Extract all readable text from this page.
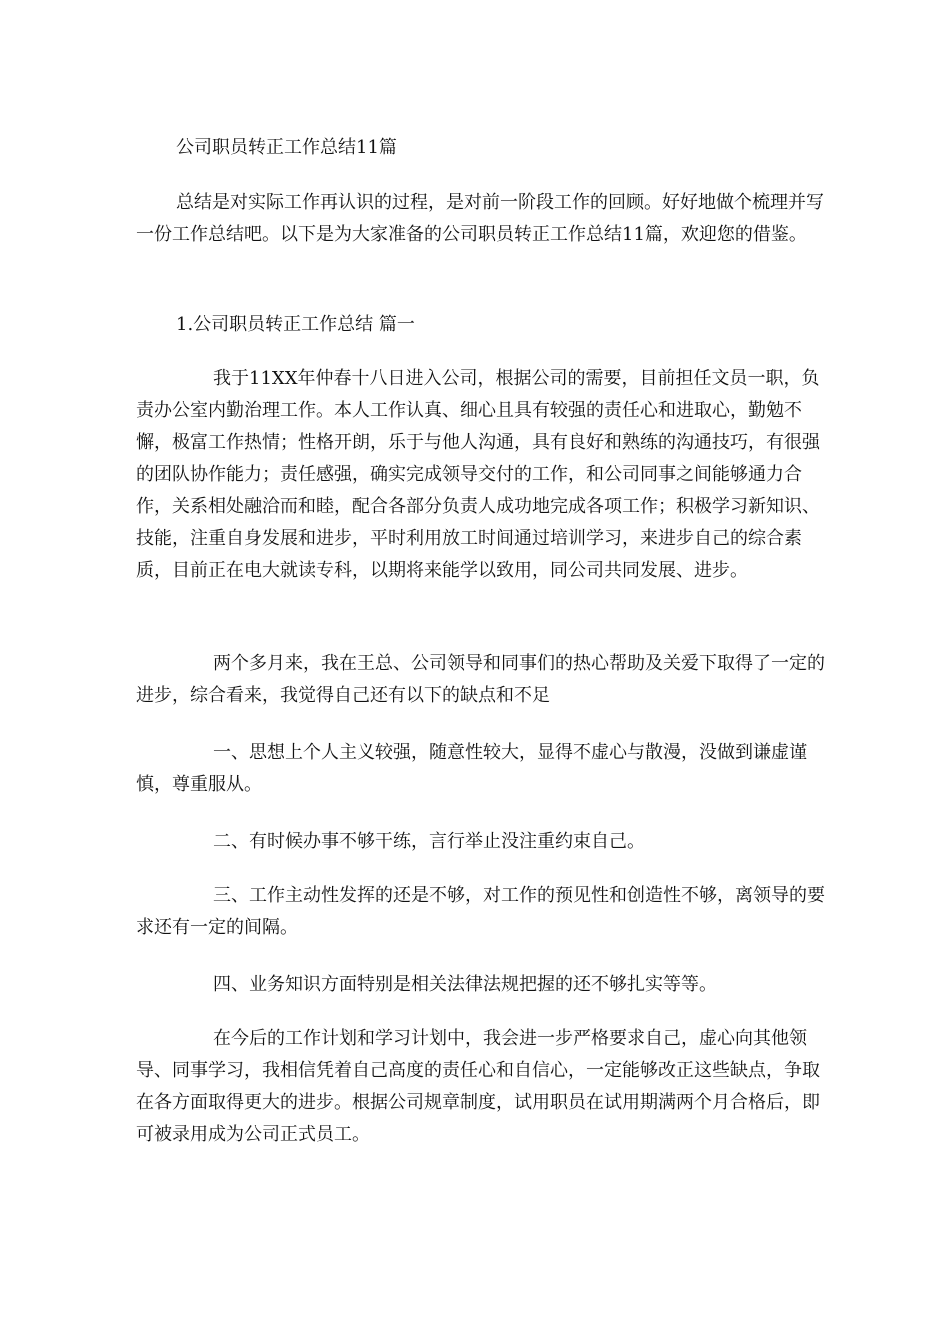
公司职员转正工作总结11篇

总结是对实际工作再认识的过程，是对前一阶段工作的回顾。好好地做个梳理并写一份工作总结吧。以下是为大家准备的公司职员转正工作总结11篇，欢迎您的借鉴。

1.公司职员转正工作总结 篇一

我于11XX年仲春十八日进入公司，根据公司的需要，目前担任文员一职，负责办公室内勤治理工作。本人工作认真、细心且具有较强的责任心和进取心，勤勉不懈，极富工作热情；性格开朗，乐于与他人沟通，具有良好和熟练的沟通技巧，有很强的团队协作能力；责任感强，确实完成领导交付的工作，和公司同事之间能够通力合作，关系相处融洽而和睦，配合各部分负责人成功地完成各项工作；积极学习新知识、技能，注重自身发展和进步，平时利用放工时间通过培训学习，来进步自己的综合素质，目前正在电大就读专科，以期将来能学以致用，同公司共同发展、进步。

两个多月来，我在王总、公司领导和同事们的热心帮助及关爱下取得了一定的进步，综合看来，我觉得自己还有以下的缺点和不足

一、思想上个人主义较强，随意性较大，显得不虚心与散漫，没做到谦虚谨慎，尊重服从。

二、有时候办事不够干练，言行举止没注重约束自己。

三、工作主动性发挥的还是不够，对工作的预见性和创造性不够，离领导的要求还有一定的间隔。

四、业务知识方面特别是相关法律法规把握的还不够扎实等等。

在今后的工作计划和学习计划中，我会进一步严格要求自己，虚心向其他领导、同事学习，我相信凭着自己高度的责任心和自信心，一定能够改正这些缺点，争取在各方面取得更大的进步。根据公司规章制度，试用职员在试用期满两个月合格后，即可被录用成为公司正式员工。
